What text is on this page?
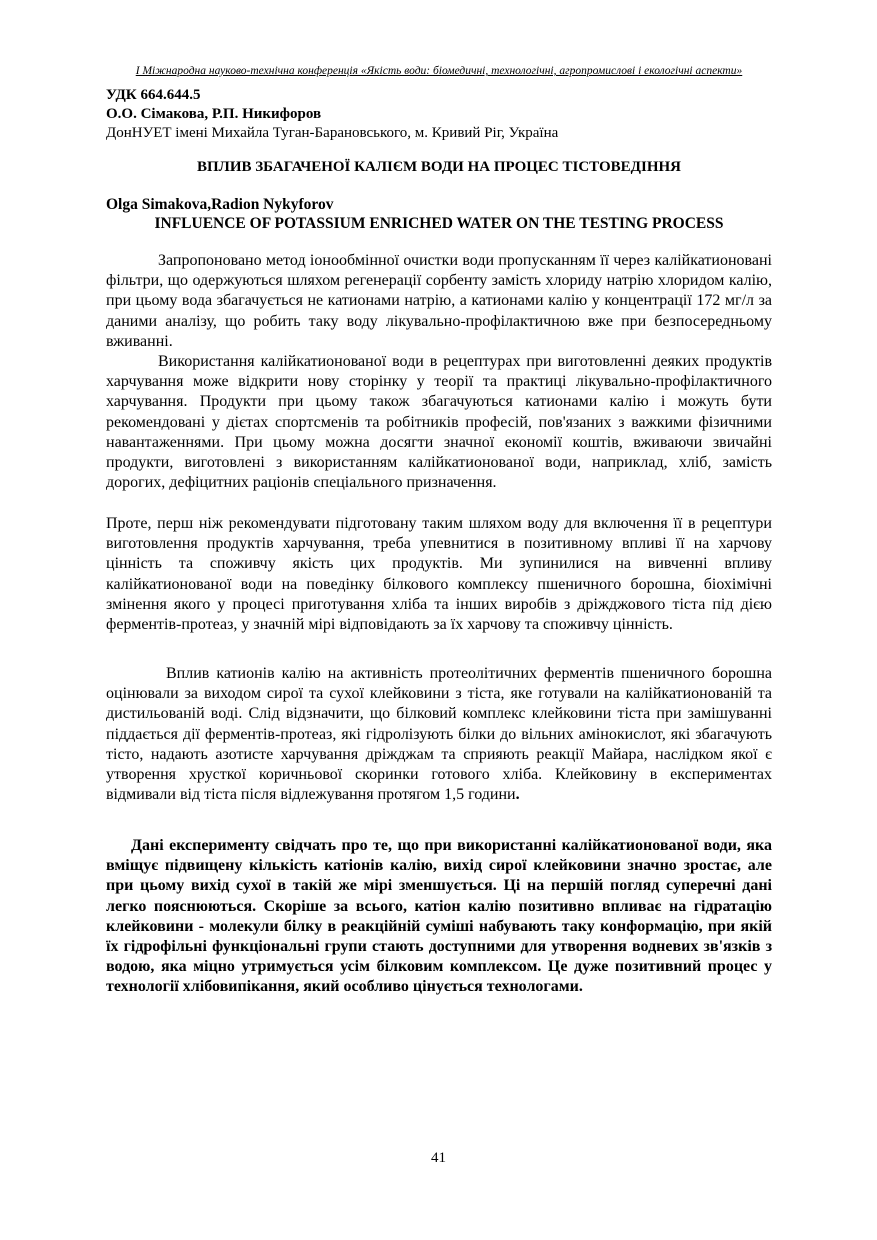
І Міжнародна науково-технічна конференція «Якість води: біомедичні, технологічні, агропромислові і екологічні аспекти»
УДК 664.644.5
О.О. Сімакова, Р.П. Никифоров
ДонНУЕТ імені Михайла Туган-Барановського, м. Кривий Ріг, Україна
ВПЛИВ ЗБАГАЧЕНОЇ КАЛІЄМ ВОДИ НА ПРОЦЕС ТІСТОВЕДІННЯ
Olga Simakova,Radion Nykyforov
INFLUENCE OF POTASSIUM ENRICHED WATER ON THE TESTING PROCESS

Запропоновано метод іонообмінної очистки води пропусканням її через калійкатионовані фільтри, що одержуються шляхом регенерації сорбенту замість хлориду натрію хлоридом калію, при цьому вода збагачується не катионами натрію, а катионами калію у концентрації 172 мг/л за даними аналізу, що робить таку воду лікувально-профілактичною вже при безпосередньому вживанні.

Використання калійкатионованої води в рецептурах при виготовленні деяких продуктів харчування може відкрити нову сторінку у теорії та практиці лікувально-профілактичного харчування. Продукти при цьому також збагачуються катионами калію і можуть бути рекомендовані у дієтах спортсменів та робітників професій, пов'язаних з важкими фізичними навантаженнями. При цьому можна досягти значної економії коштів, вживаючи звичайні продукти, виготовлені з використанням калійкатионованої води, наприклад, хліб, замість дорогих, дефіцитних раціонів спеціального призначення.

Проте, перш ніж рекомендувати підготовану таким шляхом воду для включення її в рецептури виготовлення продуктів харчування, треба упевнитися в позитивному впливі її на харчову цінність та споживчу якість цих продуктів. Ми зупинилися на вивченні впливу калійкатионованої води на поведінку білкового комплексу пшеничного борошна, біохімічні змінення якого у процесі приготування хліба та інших виробів з дріжджового тіста під дією ферментів-протеаз, у значній мірі відповідають за їх харчову та споживчу цінність.

Вплив катионів калію на активність протеолітичних ферментів пшеничного борошна оцінювали за виходом сирої та сухої клейковини з тіста, яке готували на калійкатионованій та дистильованій воді. Слід відзначити, що білковий комплекс клейковини тіста при замішуванні піддається дії ферментів-протеаз, які гідролізують білки до вільних амінокислот, які збагачують тісто, надають азотисте харчування дріжджам та сприяють реакції Майара, наслідком якої є утворення хрусткої коричньової скоринки готового хліба. Клейковину в експериментах відмивали від тіста після відлежування протягом 1,5 години.

Дані експерименту свідчать про те, що при використанні калійкатионованої води, яка вміщує підвищену кількість катіонів калію, вихід сирої клейковини значно зростає, але при цьому вихід сухої в такій же мірі зменшується. Ці на першій погляд суперечні дані легко пояснюються. Скоріше за всього, катіон калію позитивно впливає на гідратацію клейковини - молекули білку в реакційній суміші набувають таку конформацію, при якій їх гідрофільні функціональні групи стають доступними для утворення водневих зв'язків з водою, яка міцно утримується усім білковим комплексом. Це дуже позитивний процес у технології хлібовипікання, який особливо цінується технологами.

41
